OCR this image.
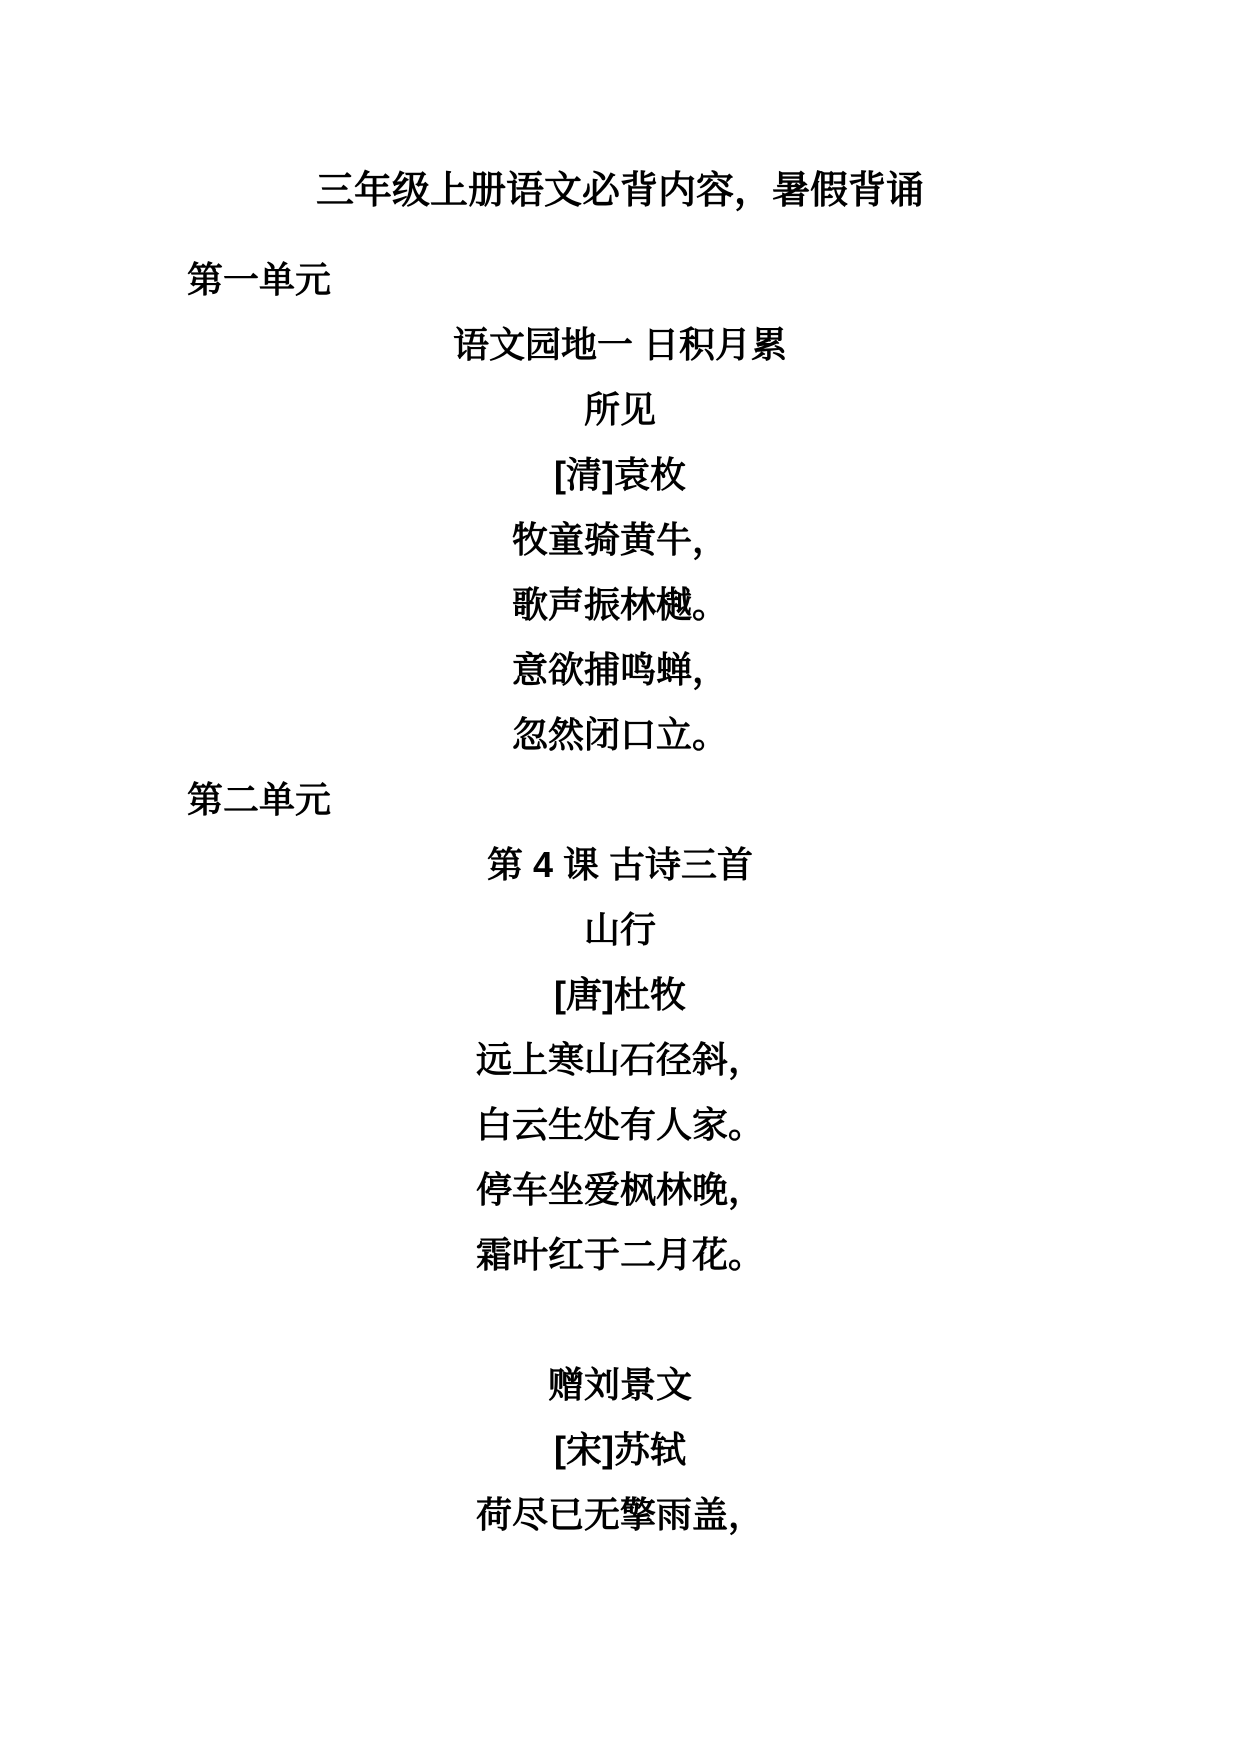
三年级上册语文必背内容，暑假背诵

第一单元

语文园地一 日积月累

所见

[清]袁枚

牧童骑黄牛，

歌声振林樾。

意欲捕鸣蝉，

忽然闭口立。

第二单元

第 4 课 古诗三首

山行

[唐]杜牧

远上寒山石径斜，

白云生处有人家。

停车坐爱枫林晚，

霜叶红于二月花。

赠刘景文

[宋]苏轼

荷尽已无擎雨盖，
